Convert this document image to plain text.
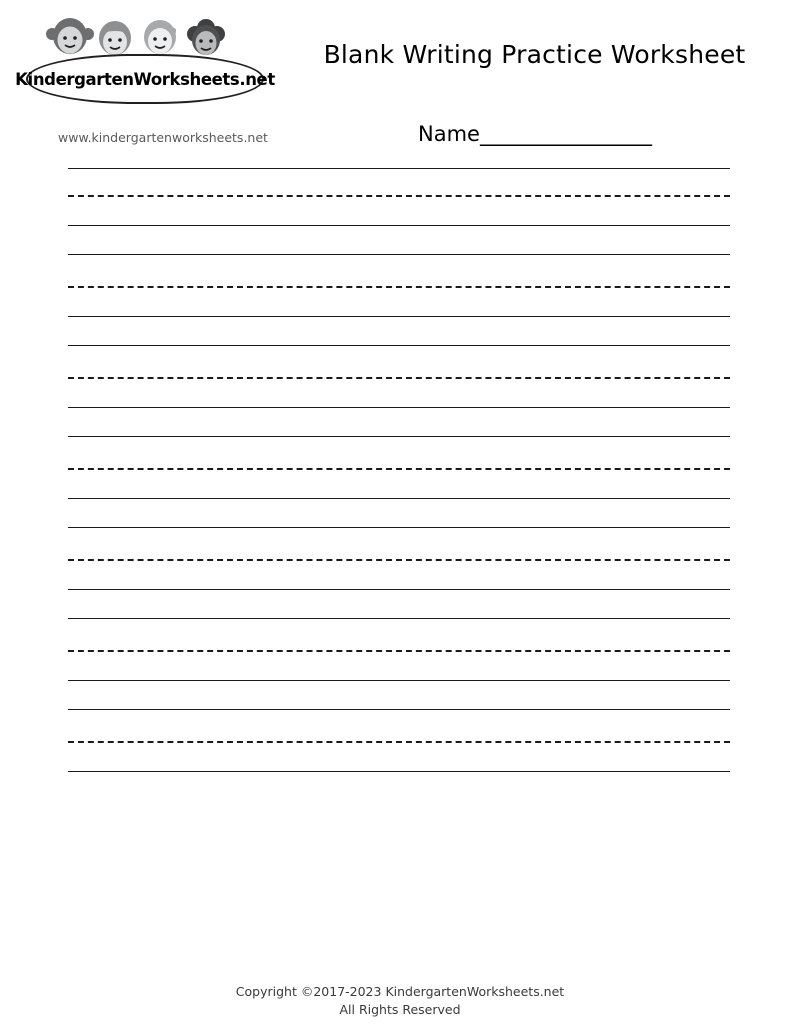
Kindergarten Worksheets .net
www.kindergartenworksheets.net
Blank Writing Practice Worksheet
Name__________________
Copyright ©2017-2023 KindergartenWorksheets.net
All Rights Reserved
